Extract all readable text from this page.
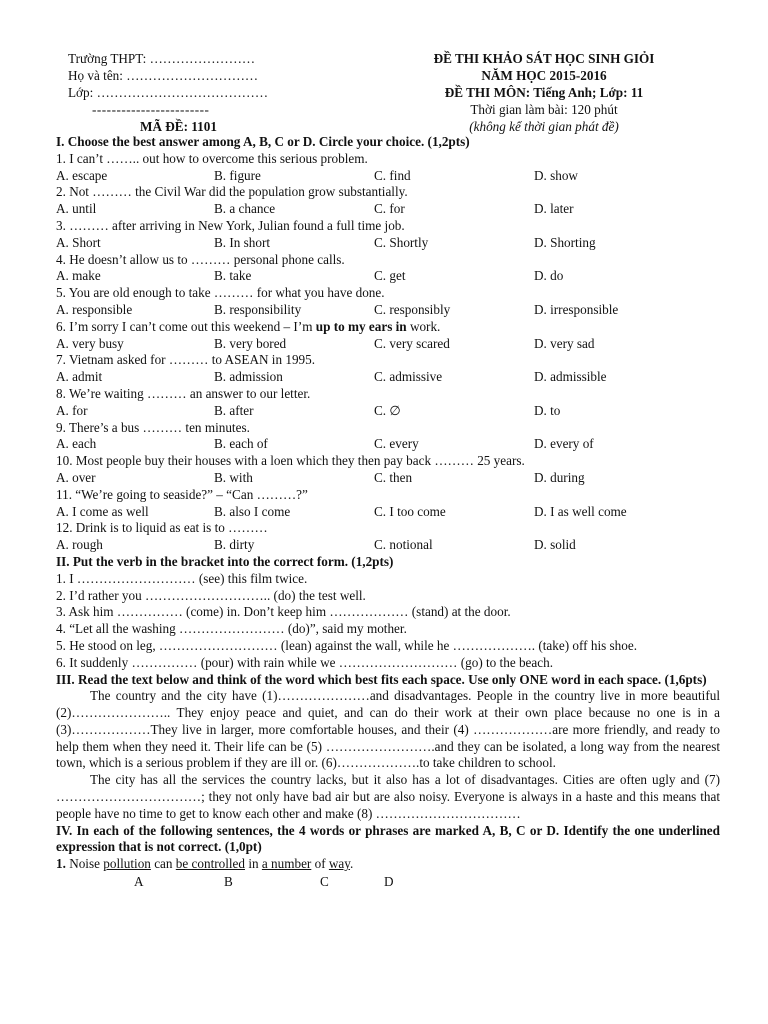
Trường THPT: ……………………
Họ và tên: …………………………
Lớp: …………………………………
------------------------
MÃ ĐỀ: 1101
ĐỀ THI KHẢO SÁT HỌC SINH GIỎI
NĂM HỌC 2015-2016
ĐỀ THI MÔN: Tiếng Anh; Lớp: 11
Thời gian làm bài: 120 phút
(không kể thời gian phát đề)
I. Choose the best answer among A, B, C or D. Circle your choice. (1,2pts)
1. I can’t …….. out how to overcome this serious problem.
A. escape	B. figure	C. find	D. show
2. Not ……… the Civil War did the population grow substantially.
A. until	B. a chance	C. for	D. later
3. ……… after arriving in New York, Julian found a full time job.
A. Short	B. In short	C. Shortly	D. Shorting
4. He doesn’t allow us to ……… personal phone calls.
A. make	B. take	C. get	D. do
5. You are old enough to take ……… for what you have done.
A. responsible	B. responsibility	C. responsibly	D. irresponsible
6. I’m sorry I can’t come out this weekend – I’m up to my ears in work.
A. very busy	B. very bored	C. very scared	D. very sad
7. Vietnam asked for ……… to ASEAN in 1995.
A. admit	B. admission	C. admissive	D. admissible
8. We’re waiting ……… an answer to our letter.
A. for	B. after	C. ∅	D. to
9. There’s a bus ……… ten minutes.
A. each	B. each of	C. every	D. every of
10. Most people buy their houses with a loen which they then pay back ……… 25 years.
A. over	B. with	C. then	D. during
11. “We’re going to seaside?” – “Can ………?”
A. I come as well	B. also I come	C. I too come	D. I as well come
12. Drink is to liquid as eat is to ………
A. rough	B. dirty	C. notional	D. solid
II. Put the verb in the bracket into the correct form. (1,2pts)
1. I ……………………… (see) this film twice.
2. I’d rather you ……………………….. (do) the test well.
3. Ask him …………… (come) in. Don’t keep him ……………… (stand) at the door.
4. “Let all the washing …………………… (do)”, said my mother.
5. He stood on leg, ……………………… (lean) against the wall, while he ………………. (take) off his shoe.
6. It suddenly …………… (pour) with rain while we ……………………… (go) to the beach.
III. Read the text below and think of the word which best fits each space. Use only ONE word in each space. (1,6pts)
The country and the city have (1)…………………and disadvantages. People in the country live in more beautiful (2)………………….. They enjoy peace and quiet, and can do their work at their own place because no one is in a (3)………………They live in larger, more comfortable houses, and their (4) ………………are more friendly, and ready to help them when they need it. Their life can be (5) …………………….and they can be isolated, a long way from the nearest town, which is a serious problem if they are ill or. (6)……………….to take children to school.
The city has all the services the country lacks, but it also has a lot of disadvantages. Cities are often ugly and (7) ……………………………; they not only have bad air but are also noisy. Everyone is always in a haste and this means that people have no time to get to know each other and make (8) ……………………………
IV. In each of the following sentences, the 4 words or phrases are marked A, B, C or D. Identify the one underlined expression that is not correct. (1,0pt)
1. Noise pollution can be controlled in a number of way.
A	B	C	D
